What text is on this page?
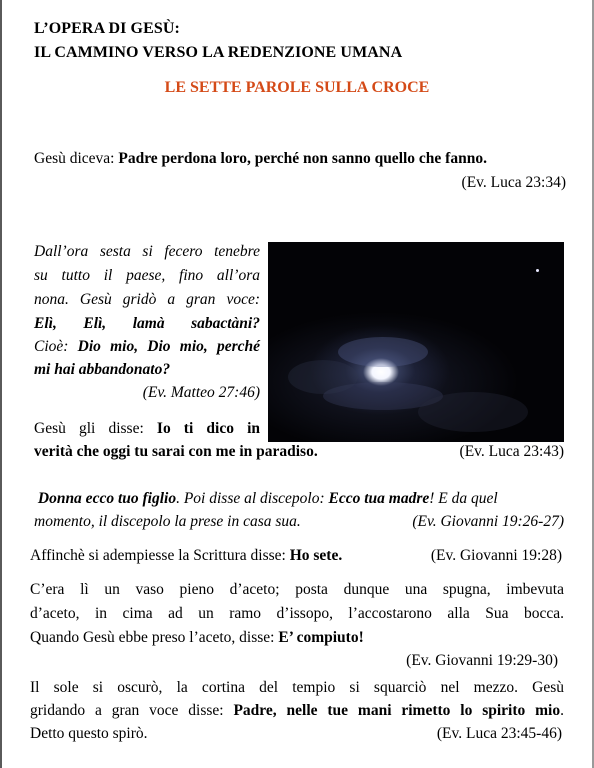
L’OPERA DI GESÙ:
IL CAMMINO VERSO LA REDENZIONE UMANA
LE SETTE PAROLE SULLA CROCE
Gesù diceva: Padre perdona loro, perché non sanno quello che fanno.
(Ev. Luca 23:34)
Dall’ora sesta si fecero tenebre
su tutto il paese, fino all’ora
nona. Gesù gridò a gran voce:
Elì, Elì, lamà sabactàni?
Cioè: Dio mio, Dio mio, perché
mi hai abbandonato?
(Ev. Matteo 27:46)
Gesù gli disse: Io ti dico in
verità che oggi tu sarai con me in paradiso.	(Ev. Luca 23:43)
Donna ecco tuo figlio. Poi disse al discepolo: Ecco tua madre! E da quel
momento, il discepolo la prese in casa sua.	(Ev. Giovanni 19:26-27)
Affinchè si adempiesse la Scrittura disse: Ho sete.	(Ev. Giovanni 19:28)
C’era lì un vaso pieno d’aceto; posta dunque una spugna, imbevuta
d’aceto, in cima ad un ramo d’issopo, l’accostarono alla Sua bocca.
Quando Gesù ebbe preso l’aceto, disse: E’ compiuto!
(Ev. Giovanni 19:29-30)
Il sole si oscurò, la cortina del tempio si squarciò nel mezzo. Gesù
gridando a gran voce disse: Padre, nelle tue mani rimetto lo spirito mio.
Detto questo spirò.	(Ev. Luca 23:45-46)
